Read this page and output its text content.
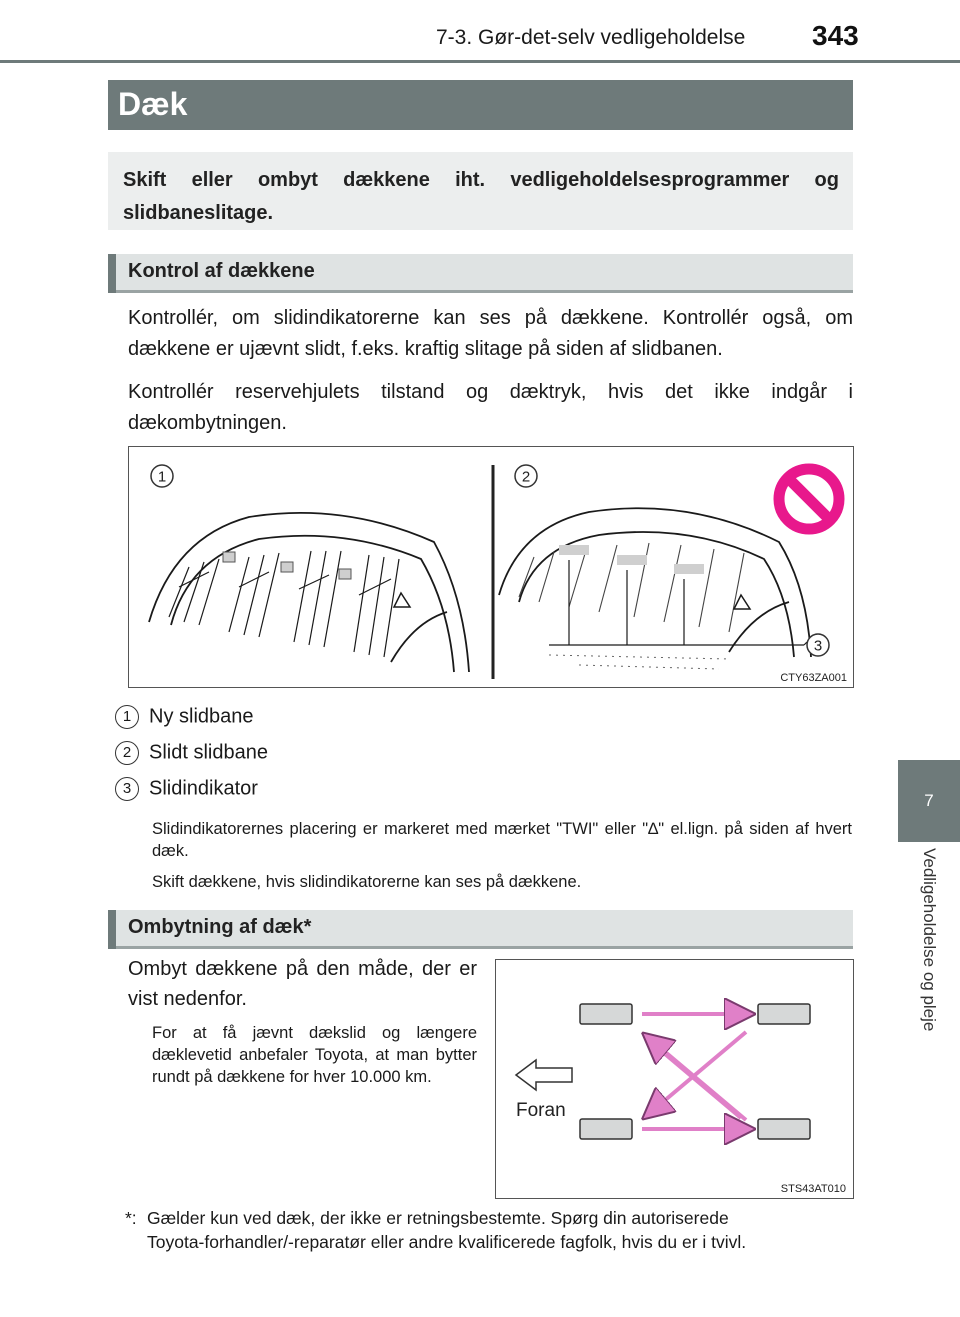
7-3. Gør-det-selv vedligeholdelse 343
7
Vedligeholdelse og pleje
Dæk

Skift eller ombyt dækkene iht. vedligeholdelsesprogrammer og slidbaneslitage.

Kontrol af dækkene

Kontrollér, om slidindikatorerne kan ses på dækkene. Kontrollér også, om dækkene er ujævnt slidt, f.eks. kraftig slitage på siden af slidbanen.

Kontrollér reservehjulets tilstand og dæktryk, hvis det ikke indgår i dækombytningen.

1	2
3
CTY63ZA001
1 Ny slidbane
2 Slidt slidbane
3 Slidindikator

Slidindikatorernes placering er markeret med mærket "TWI" eller "∆" el.lign. på siden af hvert dæk.

Skift dækkene, hvis slidindikatorerne kan ses på dækkene.

Ombytning af dæk*

Ombyt dækkene på den måde, der er vist nedenfor.

For at få jævnt dækslid og længere dæklevetid anbefaler Toyota, at man bytter rundt på dækkene for hver 10.000 km.

Foran
STS43AT010
*: Gælder kun ved dæk, der ikke er retningsbestemte. Spørg din autoriserede
Toyota-forhandler/-reparatør eller andre kvalificerede fagfolk, hvis du er i tvivl.
